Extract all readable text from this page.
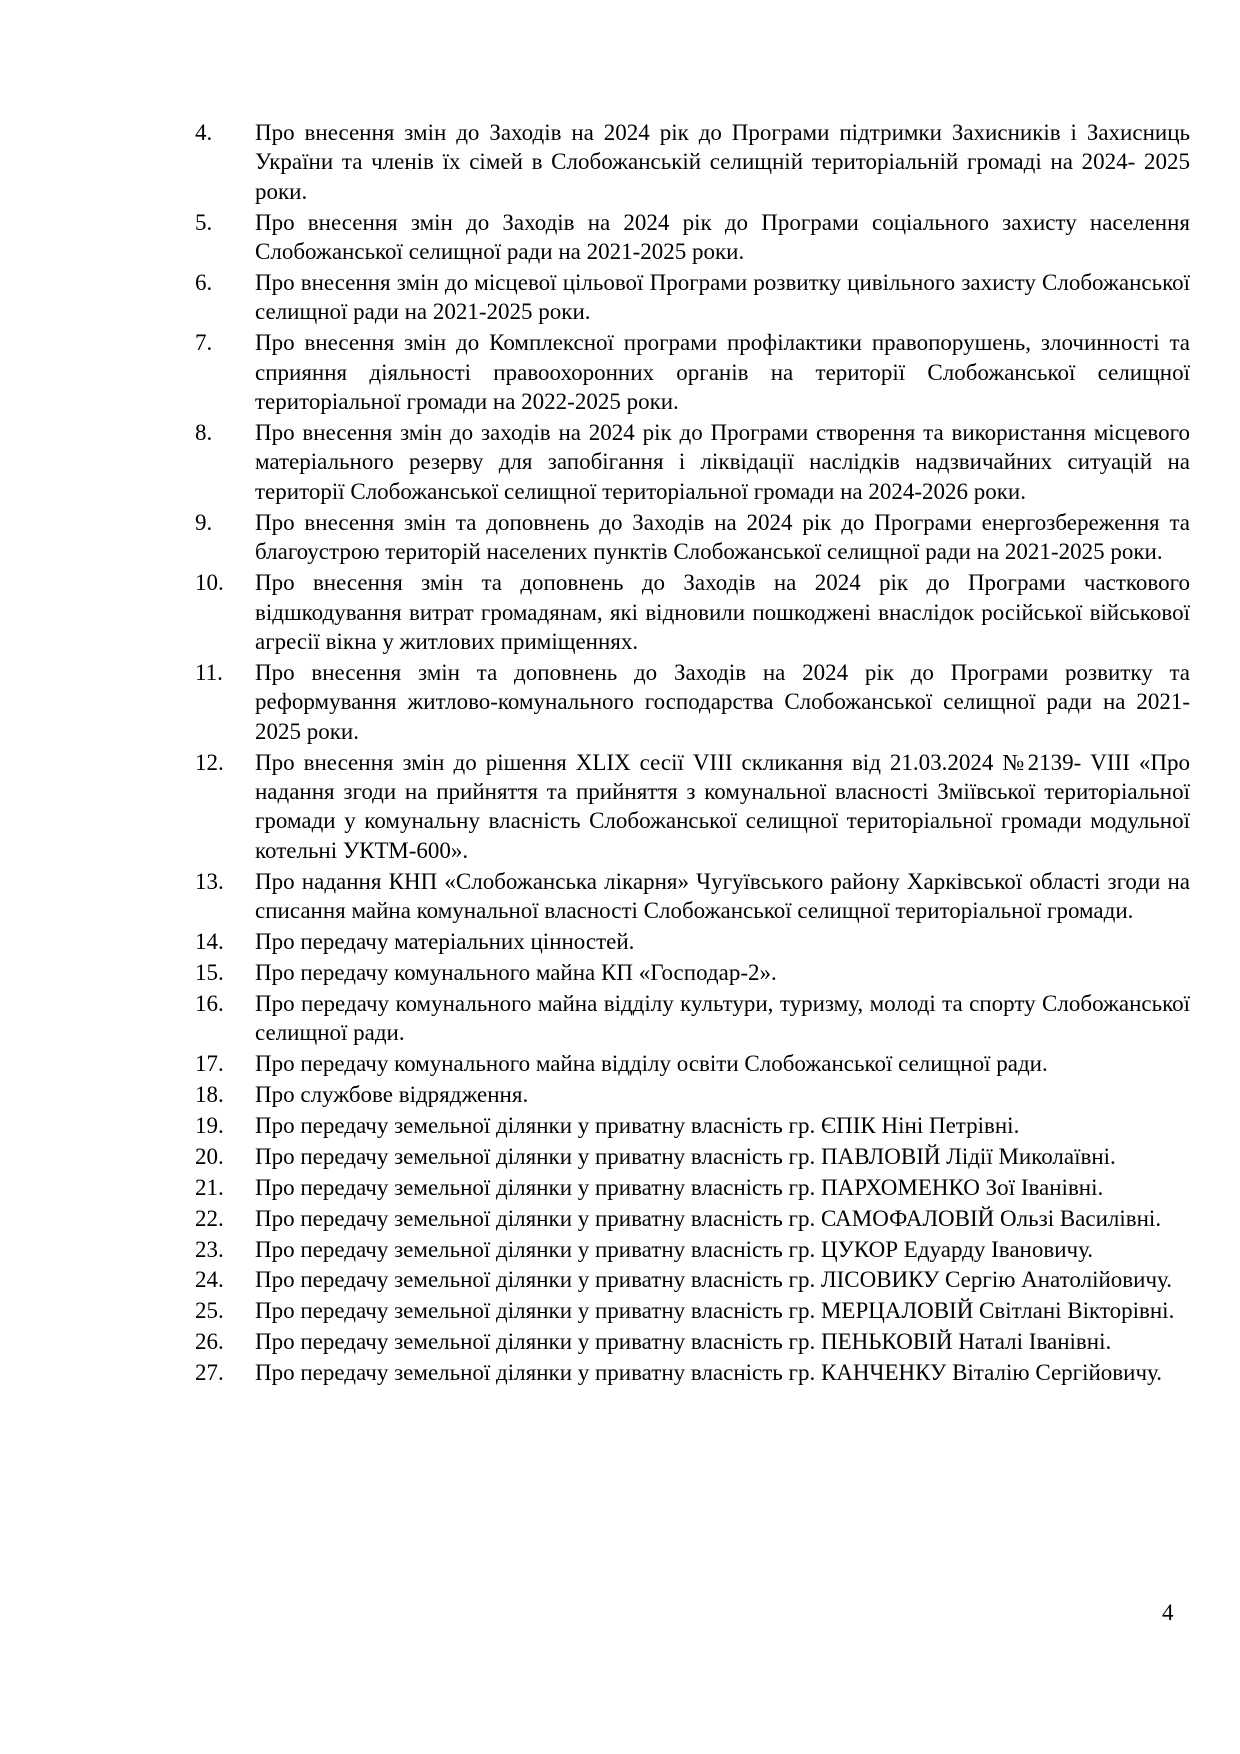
4.	Про внесення змін до Заходів на 2024 рік до Програми підтримки Захисників і Захисниць України та членів їх сімей в Слобожанській селищній територіальній громаді на 2024- 2025 роки.
5.	Про внесення змін до Заходів на 2024 рік до Програми соціального захисту населення Слобожанської селищної ради на 2021-2025 роки.
6.	Про внесення змін до місцевої цільової Програми розвитку цивільного захисту Слобожанської селищної ради на 2021-2025 роки.
7.	Про внесення змін до Комплексної програми профілактики правопорушень, злочинності та сприяння діяльності правоохоронних органів на території Слобожанської селищної територіальної громади на 2022-2025 роки.
8.	Про внесення змін до заходів на 2024 рік до Програми створення та використання місцевого матеріального резерву для запобігання і ліквідації наслідків надзвичайних ситуацій на території Слобожанської селищної територіальної громади на 2024-2026 роки.
9.	Про внесення змін та доповнень до Заходів на 2024 рік до Програми енергозбереження та благоустрою територій населених пунктів Слобожанської селищної ради на 2021-2025 роки.
10.	Про внесення змін та доповнень до Заходів на 2024 рік до Програми часткового відшкодування витрат громадянам, які відновили пошкоджені внаслідок російської військової агресії вікна у житлових приміщеннях.
11.	Про внесення змін та доповнень до Заходів на 2024 рік до Програми розвитку та реформування житлово-комунального господарства Слобожанської селищної ради на 2021-2025 роки.
12.	Про внесення змін до рішення XLIX сесії VIII скликання від 21.03.2024 №2139- VIII «Про надання згоди на прийняття та прийняття з комунальної власності Зміївської територіальної громади у комунальну власність Слобожанської селищної територіальної громади модульної котельні УКТМ-600».
13.	Про надання КНП «Слобожанська лікарня» Чугуївського району Харківської області згоди на списання майна комунальної власності Слобожанської селищної територіальної громади.
14.	Про передачу матеріальних цінностей.
15.	Про передачу комунального майна КП «Господар-2».
16.	Про передачу комунального майна відділу культури, туризму, молоді та спорту Слобожанської селищної ради.
17.	Про передачу комунального майна відділу освіти Слобожанської селищної ради.
18.	Про службове відрядження.
19.	Про передачу земельної ділянки у приватну власність гр. ЄПІК Ніні Петрівні.
20.	Про передачу земельної ділянки у приватну власність гр. ПАВЛОВІЙ Лідії Миколаївні.
21.	Про передачу земельної ділянки у приватну власність гр. ПАРХОМЕНКО Зої Іванівні.
22.	Про передачу земельної ділянки у приватну власність гр. САМОФАЛОВІЙ Ользі Василівні.
23.	Про передачу земельної ділянки у приватну власність гр. ЦУКОР Едуарду Івановичу.
24.	Про передачу земельної ділянки у приватну власність гр. ЛІСОВИКУ Сергію Анатолійовичу.
25.	Про передачу земельної ділянки у приватну власність гр. МЕРЦАЛОВІЙ Світлані Вікторівні.
26.	Про передачу земельної ділянки у приватну власність гр. ПЕНЬКОВІЙ Наталі Іванівні.
27.	Про передачу земельної ділянки у приватну власність гр. КАНЧЕНКУ Віталію Сергійовичу.
4
